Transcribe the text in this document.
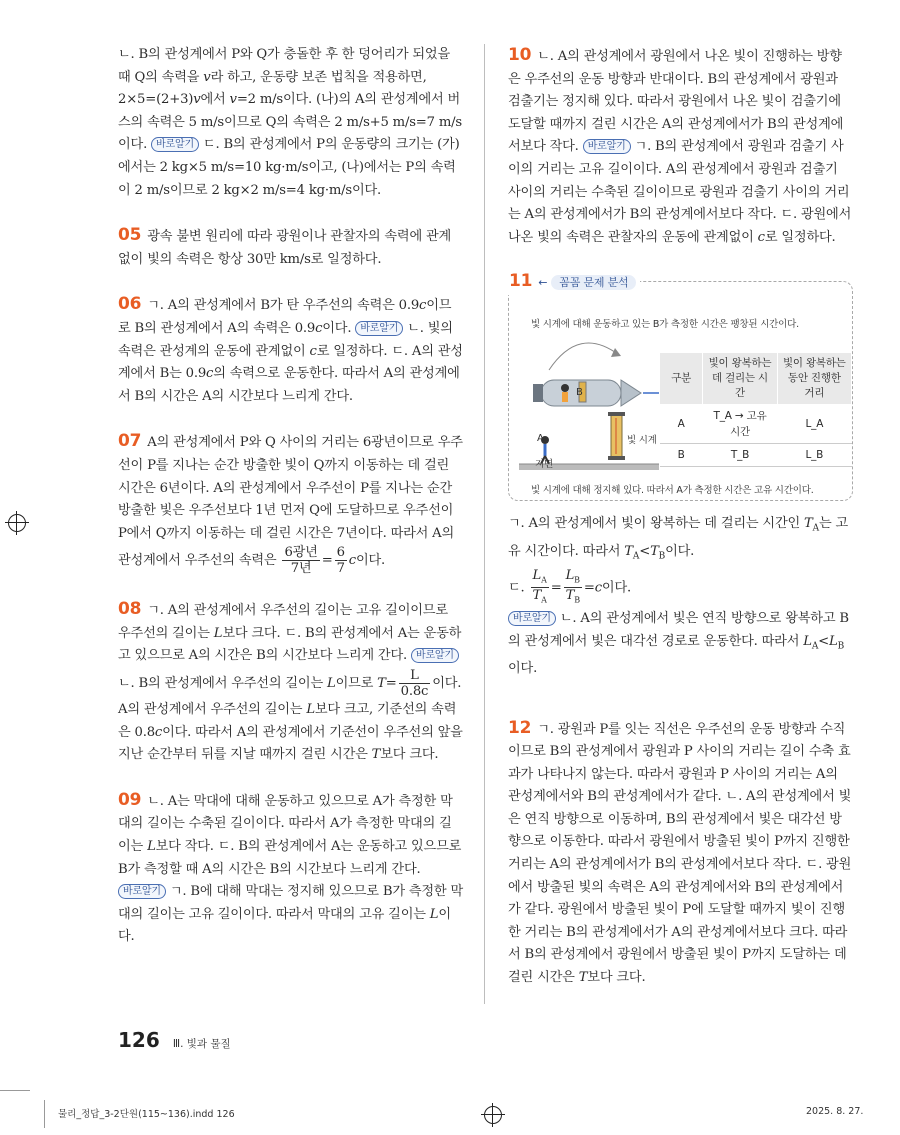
ㄴ. B의 관성계에서 P와 Q가 충돌한 후 한 덩어리가 되었을 때 Q의 속력을 v라 하고, 운동량 보존 법칙을 적용하면, 2×5=(2+3)v에서 v=2 m/s이다. (나)의 A의 관성계에서 버스의 속력은 5 m/s이므로 Q의 속력은 2 m/s+5 m/s=7 m/s이다. 바로알기 ㄷ. B의 관성계에서 P의 운동량의 크기는 (가)에서는 2 kg×5 m/s=10 kg·m/s이고, (나)에서는 P의 속력이 2 m/s이므로 2 kg×2 m/s=4 kg·m/s이다.

05 광속 불변 원리에 따라 광원이나 관찰자의 속력에 관계없이 빛의 속력은 항상 30만 km/s로 일정하다.

06 ㄱ. A의 관성계에서 B가 탄 우주선의 속력은 0.9c이므로 B의 관성계에서 A의 속력은 0.9c이다. 바로알기 ㄴ. 빛의 속력은 관성계의 운동에 관계없이 c로 일정하다. ㄷ. A의 관성계에서 B는 0.9c의 속력으로 운동한다. 따라서 A의 관성계에서 B의 시간은 A의 시간보다 느리게 간다.

07 A의 관성계에서 P와 Q 사이의 거리는 6광년이므로 우주선이 P를 지나는 순간 방출한 빛이 Q까지 이동하는 데 걸린 시간은 6년이다. A의 관성계에서 우주선이 P를 지나는 순간 방출한 빛은 우주선보다 1년 먼저 Q에 도달하므로 우주선이 P에서 Q까지 이동하는 데 걸린 시간은 7년이다. 따라서 A의 관성계에서 우주선의 속력은 $\frac{\text{6광년}}{\text{7년}} = \frac{6}{7}$ c이다.

08 ㄱ. A의 관성계에서 우주선의 길이는 고유 길이이므로 우주선의 길이는 L보다 크다. ㄷ. B의 관성계에서 A는 운동하고 있으므로 A의 시간은 B의 시간보다 느리게 간다. 바로알기ㄴ. B의 관성계에서 우주선의 길이는 L이므로 $T= \frac{L}{0.8c}$ 이다. A의 관성계에서 우주선의 길이는 L보다 크고, 기준선의 속력은 0.8c이다. 따라서 A의 관성계에서 기준선이 우주선의 앞을 지난 순간부터 뒤를 지날 때까지 걸린 시간은 T보다 크다.

09 ㄴ. A는 막대에 대해 운동하고 있으므로 A가 측정한 막대의 길이는 수축된 길이이다. 따라서 A가 측정한 막대의 길이는 L보다 작다. ㄷ. B의 관성계에서 A는 운동하고 있으므로 B가 측정할 때 A의 시간은 B의 시간보다 느리게 간다. 바로알기 ㄱ. B에 대해 막대는 정지해 있으므로 B가 측정한 막대의 길이는 고유 길이이다. 따라서 막대의 고유 길이는 L이다.

10 ㄴ. A의 관성계에서 광원에서 나온 빛이 진행하는 방향은 우주선의 운동 방향과 반대이다. B의 관성계에서 광원과 검출기는 정지해 있다. 따라서 광원에서 나온 빛이 검출기에 도달할 때까지 걸린 시간은 A의 관성계에서가 B의 관성계에서보다 작다. 바로알기 ㄱ. B의 관성계에서 광원과 검출기 사이의 거리는 고유 길이이다. A의 관성계에서 광원과 검출기 사이의 거리는 수축된 길이이므로 광원과 검출기 사이의 거리는 A의 관성계에서가 B의 관성계에서보다 작다. ㄷ. 광원에서 나온 빛의 속력은 관찰자의 운동에 관계없이 c로 일정하다.

11 ← 꼼꼼 문제 분석
빛 시계에 대해 운동하고 있는 B가 측정한 시간은 팽창된 시간이다.
B
A	빛 시계
지면
구분	빛이 왕복하는 데 걸리는 시간	빛이 왕복하는 동안 진행한 거리
A	T_A → 고유 시간	L_A
B	T_B	L_B
빛 시계에 대해 정지해 있다. 따라서 A가 측정한 시간은 고유 시간이다.

ㄱ. A의 관성계에서 빛이 왕복하는 데 걸리는 시간인 $T_A$는 고유 시간이다. 따라서 $T_A<T_B$이다.
ㄷ. $\frac{L_A}{T_A} = \frac{L_B}{T_B} =c$이다.
바로알기 ㄴ. A의 관성계에서 빛은 연직 방향으로 왕복하고 B의 관성계에서 빛은 대각선 경로로 운동한다. 따라서 $L_A<L_B$이다.

12 ㄱ. 광원과 P를 잇는 직선은 우주선의 운동 방향과 수직이므로 B의 관성계에서 광원과 P 사이의 거리는 길이 수축 효과가 나타나지 않는다. 따라서 광원과 P 사이의 거리는 A의 관성계에서와 B의 관성계에서가 같다. ㄴ. A의 관성계에서 빛은 연직 방향으로 이동하며, B의 관성계에서 빛은 대각선 방향으로 이동한다. 따라서 광원에서 방출된 빛이 P까지 진행한 거리는 A의 관성계에서가 B의 관성계에서보다 작다. ㄷ. 광원에서 방출된 빛의 속력은 A의 관성계에서와 B의 관성계에서가 같다. 광원에서 방출된 빛이 P에 도달할 때까지 빛이 진행한 거리는 B의 관성계에서가 A의 관성계에서보다 크다. 따라서 B의 관성계에서 광원에서 방출된 빛이 P까지 도달하는 데 걸린 시간은 T보다 크다.

126 Ⅲ. 빛과 물질
물리_정답_3-2단원(115~136).indd 126	2025. 8. 27.
